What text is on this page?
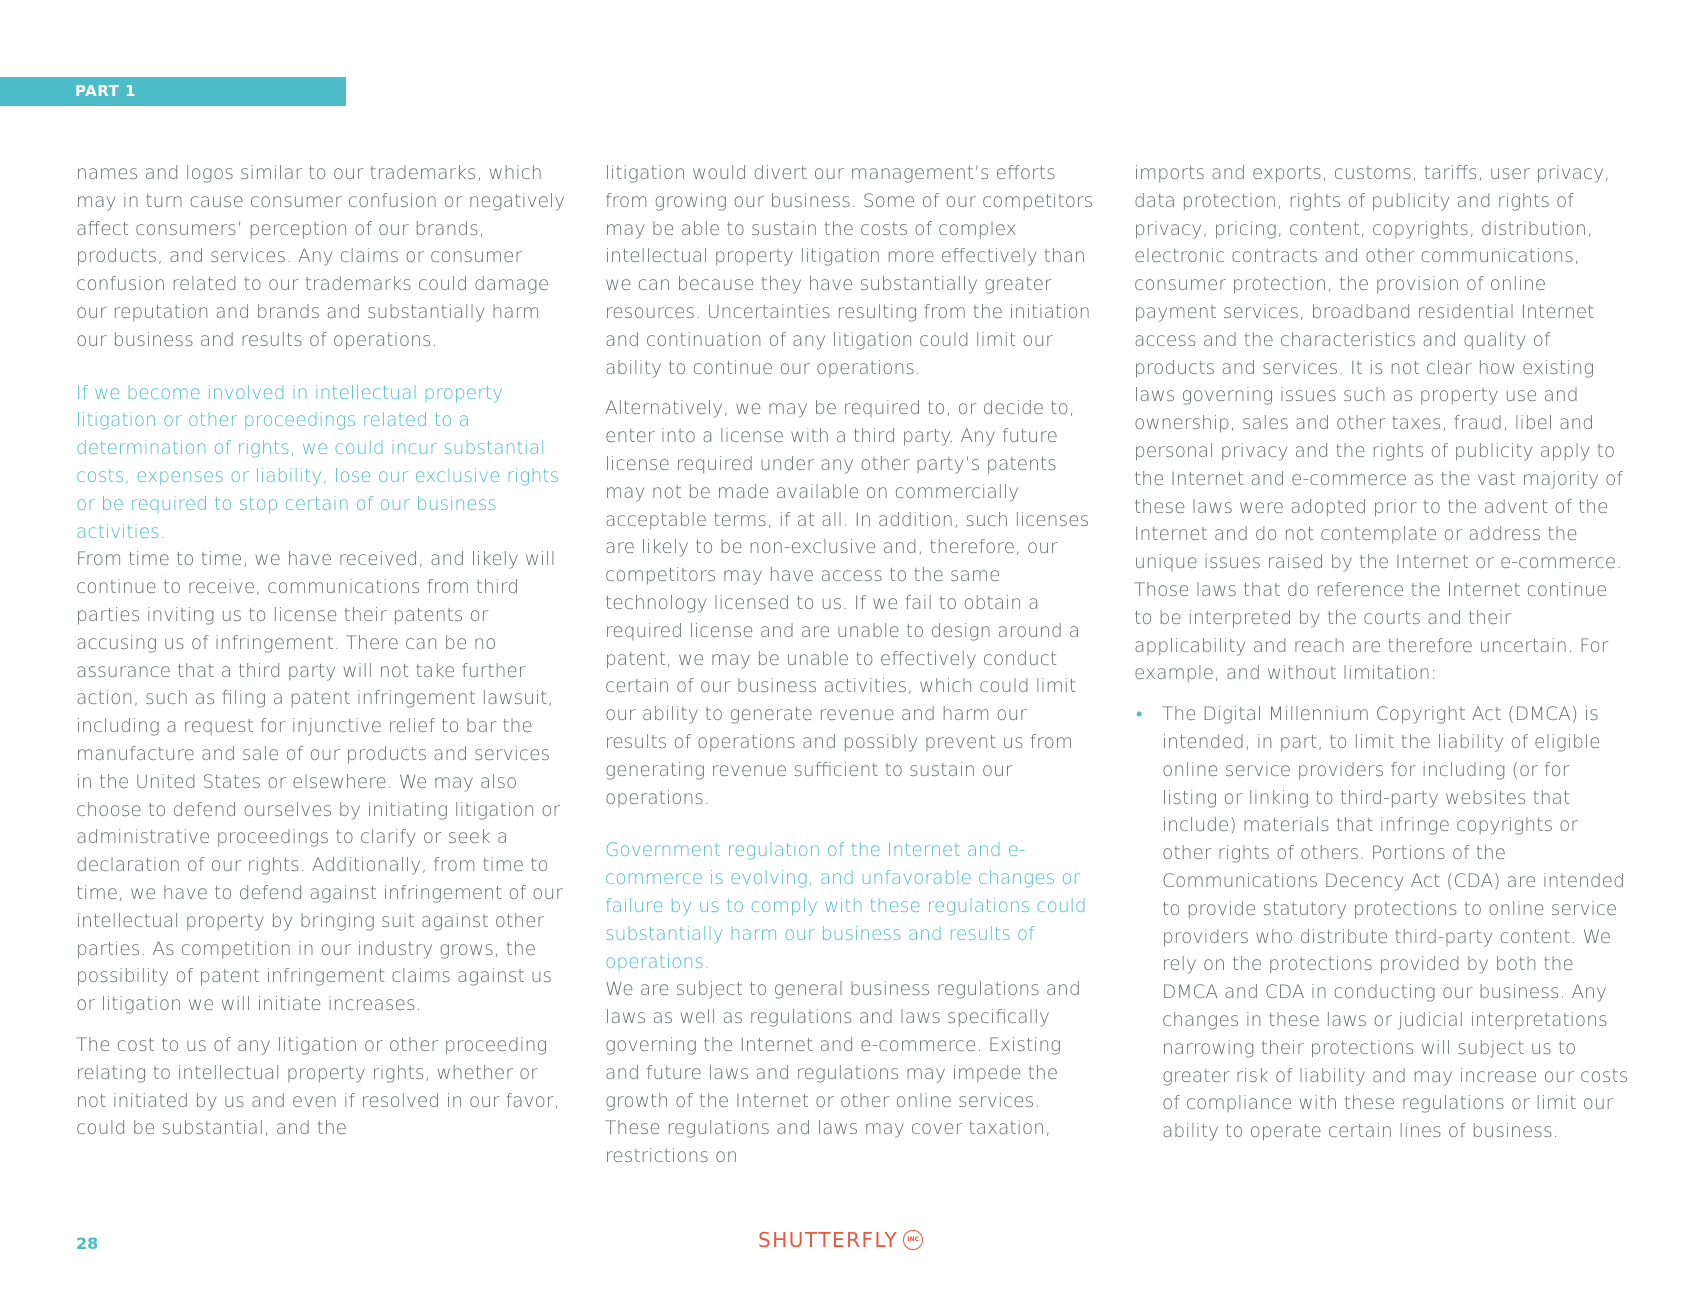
PART 1

names and logos similar to our trademarks, which may in turn cause consumer confusion or negatively affect consumers’ perception of our brands, products, and services. Any claims or consumer confusion related to our trademarks could damage our reputation and brands and substantially harm our business and results of operations.

If we become involved in intellectual property litigation or other proceedings related to a determination of rights, we could incur substantial costs, expenses or liability, lose our exclusive rights or be required to stop certain of our business activities.

From time to time, we have received, and likely will continue to receive, communications from third parties inviting us to license their patents or accusing us of infringement. There can be no assurance that a third party will not take further action, such as filing a patent infringement lawsuit, including a request for injunctive relief to bar the manufacture and sale of our products and services in the United States or elsewhere. We may also choose to defend ourselves by initiating litigation or administrative proceedings to clarify or seek a declaration of our rights. Additionally, from time to time, we have to defend against infringement of our intellectual property by bringing suit against other parties. As competition in our industry grows, the possibility of patent infringement claims against us or litigation we will initiate increases.

The cost to us of any litigation or other proceeding relating to intellectual property rights, whether or not initiated by us and even if resolved in our favor, could be substantial, and the

litigation would divert our management’s efforts from growing our business. Some of our competitors may be able to sustain the costs of complex intellectual property litigation more effectively than we can because they have substantially greater resources. Uncertainties resulting from the initiation and continuation of any litigation could limit our ability to continue our operations.

Alternatively, we may be required to, or decide to, enter into a license with a third party. Any future license required under any other party’s patents may not be made available on commercially acceptable terms, if at all. In addition, such licenses are likely to be non-exclusive and, therefore, our competitors may have access to the same technology licensed to us. If we fail to obtain a required license and are unable to design around a patent, we may be unable to effectively conduct certain of our business activities, which could limit our ability to generate revenue and harm our results of operations and possibly prevent us from generating revenue sufficient to sustain our operations.

Government regulation of the Internet and e-commerce is evolving, and unfavorable changes or failure by us to comply with these regulations could substantially harm our business and results of operations.

We are subject to general business regulations and laws as well as regulations and laws specifically governing the Internet and e-commerce. Existing and future laws and regulations may impede the growth of the Internet or other online services. These regulations and laws may cover taxation, restrictions on

imports and exports, customs, tariffs, user privacy, data protection, rights of publicity and rights of privacy, pricing, content, copyrights, distribution, electronic contracts and other communications, consumer protection, the provision of online payment services, broadband residential Internet access and the characteristics and quality of products and services. It is not clear how existing laws governing issues such as property use and ownership, sales and other taxes, fraud, libel and personal privacy and the rights of publicity apply to the Internet and e-commerce as the vast majority of these laws were adopted prior to the advent of the Internet and do not contemplate or address the unique issues raised by the Internet or e-commerce. Those laws that do reference the Internet continue to be interpreted by the courts and their applicability and reach are therefore uncertain. For example, and without limitation:

• The Digital Millennium Copyright Act (DMCA) is intended, in part, to limit the liability of eligible online service providers for including (or for listing or linking to third-party websites that include) materials that infringe copyrights or other rights of others. Portions of the Communications Decency Act (CDA) are intended to provide statutory protections to online service providers who distribute third-party content. We rely on the protections provided by both the DMCA and CDA in conducting our business. Any changes in these laws or judicial interpretations narrowing their protections will subject us to greater risk of liability and may increase our costs of compliance with these regulations or limit our ability to operate certain lines of business.
28	SHUTTERFLY	INC
